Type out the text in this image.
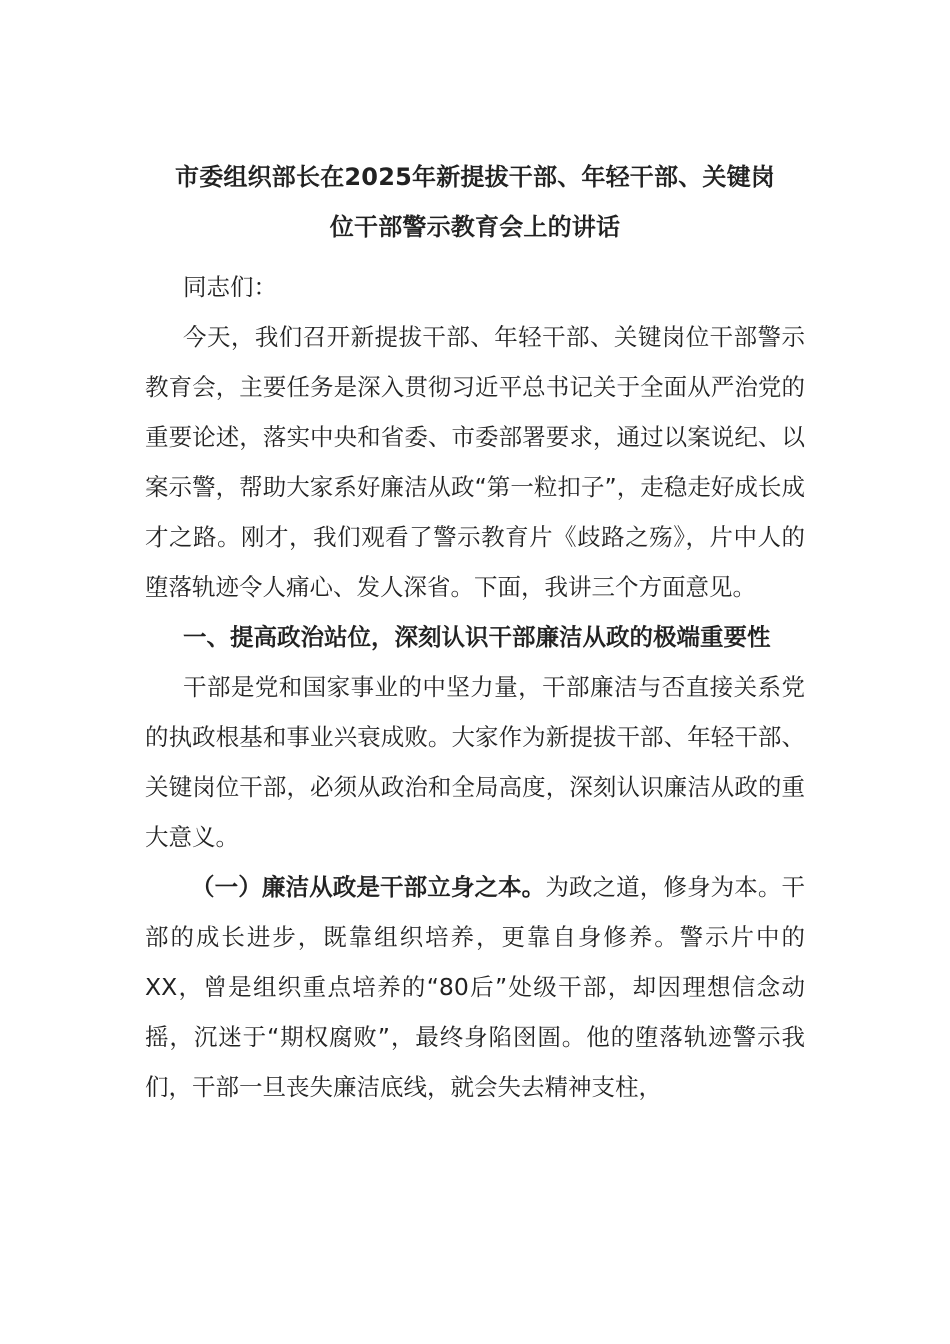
市委组织部长在2025年新提拔干部、年轻干部、关键岗
位干部警示教育会上的讲话

同志们：

今天，我们召开新提拔干部、年轻干部、关键岗位干部警示教育会，主要任务是深入贯彻习近平总书记关于全面从严治党的重要论述，落实中央和省委、市委部署要求，通过以案说纪、以案示警，帮助大家系好廉洁从政“第一粒扣子”，走稳走好成长成才之路。刚才，我们观看了警示教育片《歧路之殇》，片中人的堕落轨迹令人痛心、发人深省。下面，我讲三个方面意见。

一、提高政治站位，深刻认识干部廉洁从政的极端重要性

干部是党和国家事业的中坚力量，干部廉洁与否直接关系党的执政根基和事业兴衰成败。大家作为新提拔干部、年轻干部、关键岗位干部，必须从政治和全局高度，深刻认识廉洁从政的重大意义。

（一）廉洁从政是干部立身之本。为政之道，修身为本。干部的成长进步，既靠组织培养，更靠自身修养。警示片中的XX，曾是组织重点培养的“80后”处级干部，却因理想信念动摇，沉迷于“期权腐败”，最终身陷囹圄。他的堕落轨迹警示我们，干部一旦丧失廉洁底线，就会失去精神支柱，
